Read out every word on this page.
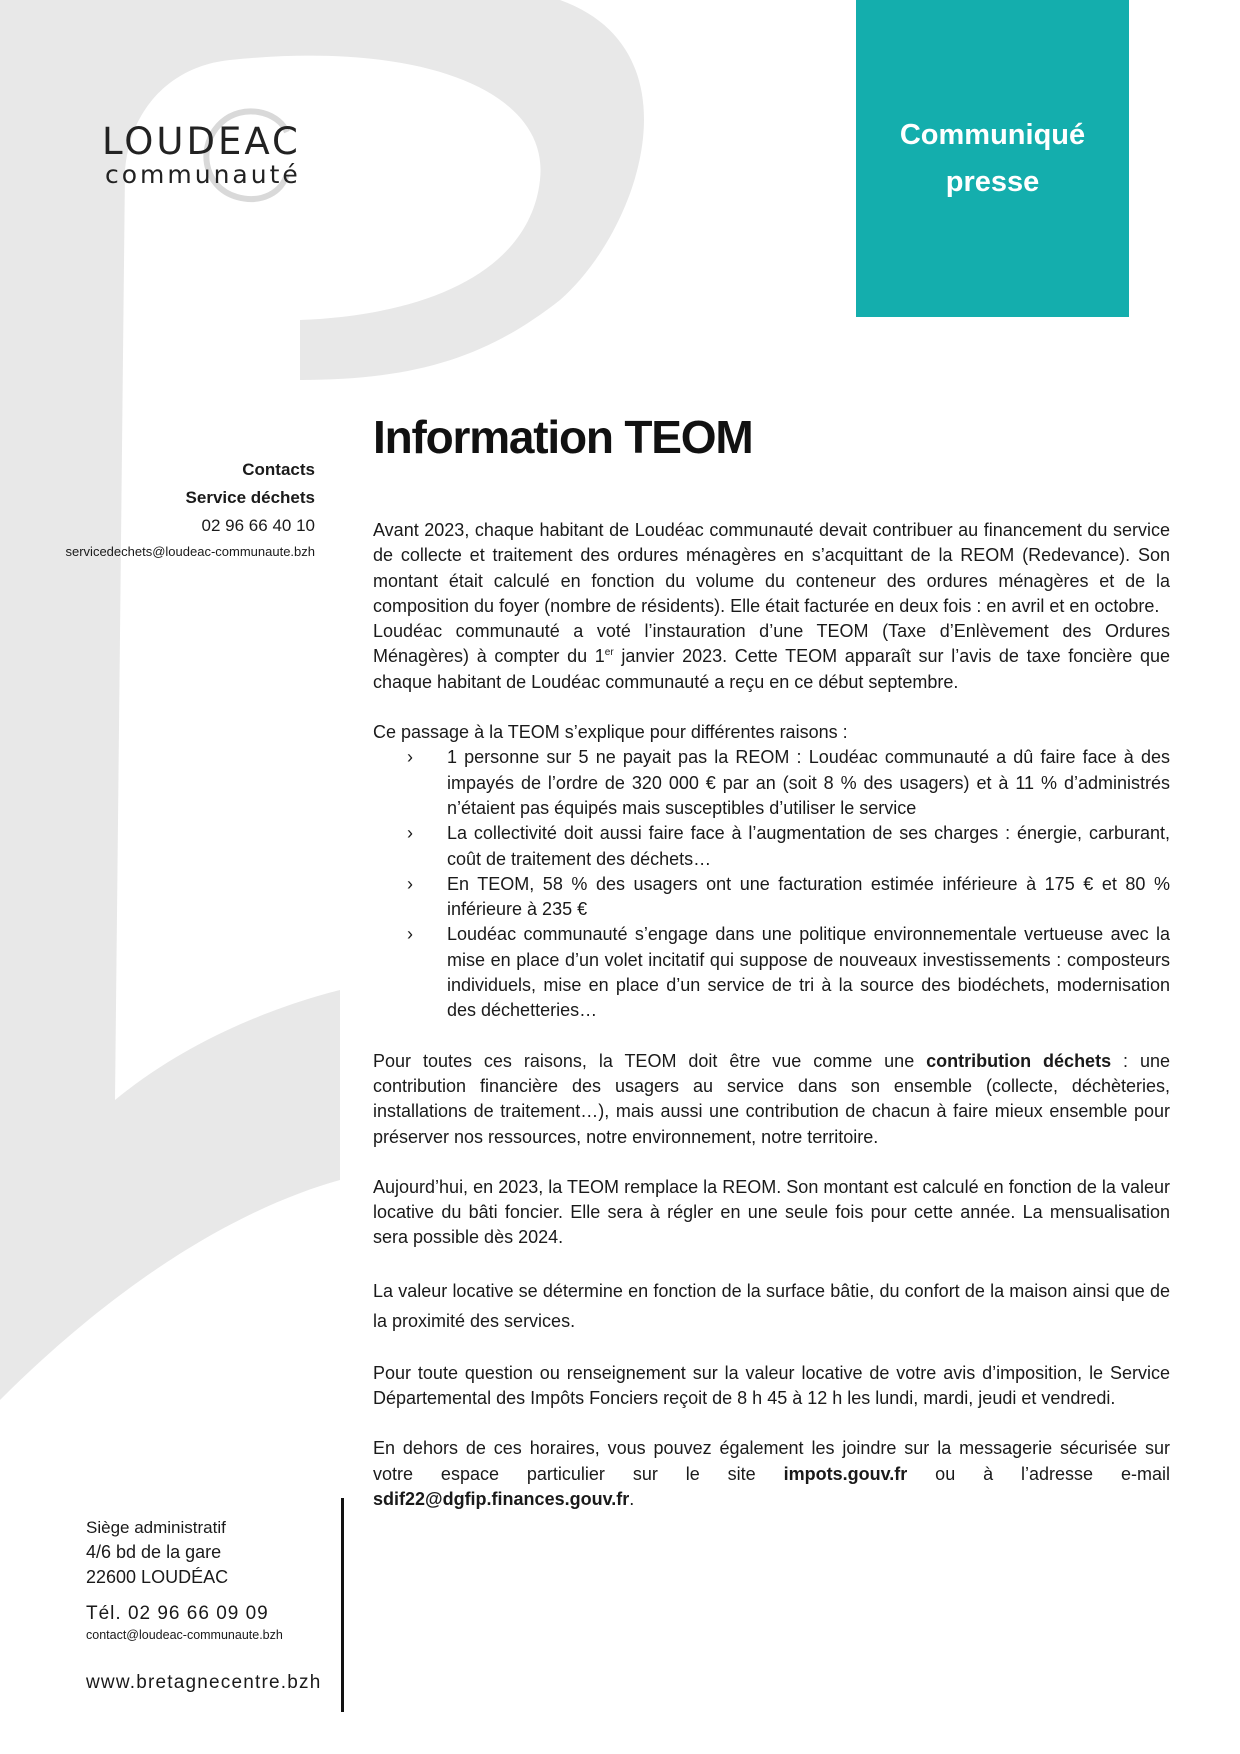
LOUDEAC
communauté
Communiqué
presse
Contacts
Service déchets
02 96 66 40 10
servicedechets@loudeac-communaute.bzh
Information TEOM

Avant 2023, chaque habitant de Loudéac communauté devait contribuer au financement du service de collecte et traitement des ordures ménagères en s’acquittant de la REOM (Redevance). Son montant était calculé en fonction du volume du conteneur des ordures ménagères et de la composition du foyer (nombre de résidents). Elle était facturée en deux fois : en avril et en octobre.

Loudéac communauté a voté l’instauration d’une TEOM (Taxe d’Enlèvement des Ordures Ménagères) à compter du 1er janvier 2023. Cette TEOM apparaît sur l’avis de taxe foncière que chaque habitant de Loudéac communauté a reçu en ce début septembre.

Ce passage à la TEOM s’explique pour différentes raisons :

› 1 personne sur 5 ne payait pas la REOM : Loudéac communauté a dû faire face à des impayés de l’ordre de 320 000 € par an (soit 8 % des usagers) et à 11 % d’administrés n’étaient pas équipés mais susceptibles d’utiliser le service
› La collectivité doit aussi faire face à l’augmentation de ses charges : énergie, carburant, coût de traitement des déchets…
› En TEOM, 58 % des usagers ont une facturation estimée inférieure à 175 € et 80 % inférieure à 235 €
› Loudéac communauté s’engage dans une politique environnementale vertueuse avec la mise en place d’un volet incitatif qui suppose de nouveaux investissements : composteurs individuels, mise en place d’un service de tri à la source des biodéchets, modernisation des déchetteries…

Pour toutes ces raisons, la TEOM doit être vue comme une contribution déchets : une contribution financière des usagers au service dans son ensemble (collecte, déchèteries, installations de traitement…), mais aussi une contribution de chacun à faire mieux ensemble pour préserver nos ressources, notre environnement, notre territoire.

Aujourd’hui, en 2023, la TEOM remplace la REOM. Son montant est calculé en fonction de la valeur locative du bâti foncier. Elle sera à régler en une seule fois pour cette année. La mensualisation sera possible dès 2024.

La valeur locative se détermine en fonction de la surface bâtie, du confort de la maison ainsi que de la proximité des services.

Pour toute question ou renseignement sur la valeur locative de votre avis d’imposition, le Service Départemental des Impôts Fonciers reçoit de 8 h 45 à 12 h les lundi, mardi, jeudi et vendredi.

En dehors de ces horaires, vous pouvez également les joindre sur la messagerie sécurisée sur votre espace particulier sur le site impots.gouv.fr ou à l’adresse e-mail sdif22@dgfip.finances.gouv.fr.

Siège administratif
4/6 bd de la gare
22600 LOUDÉAC
Tél. 02 96 66 09 09
contact@loudeac-communaute.bzh
www.bretagnecentre.bzh
